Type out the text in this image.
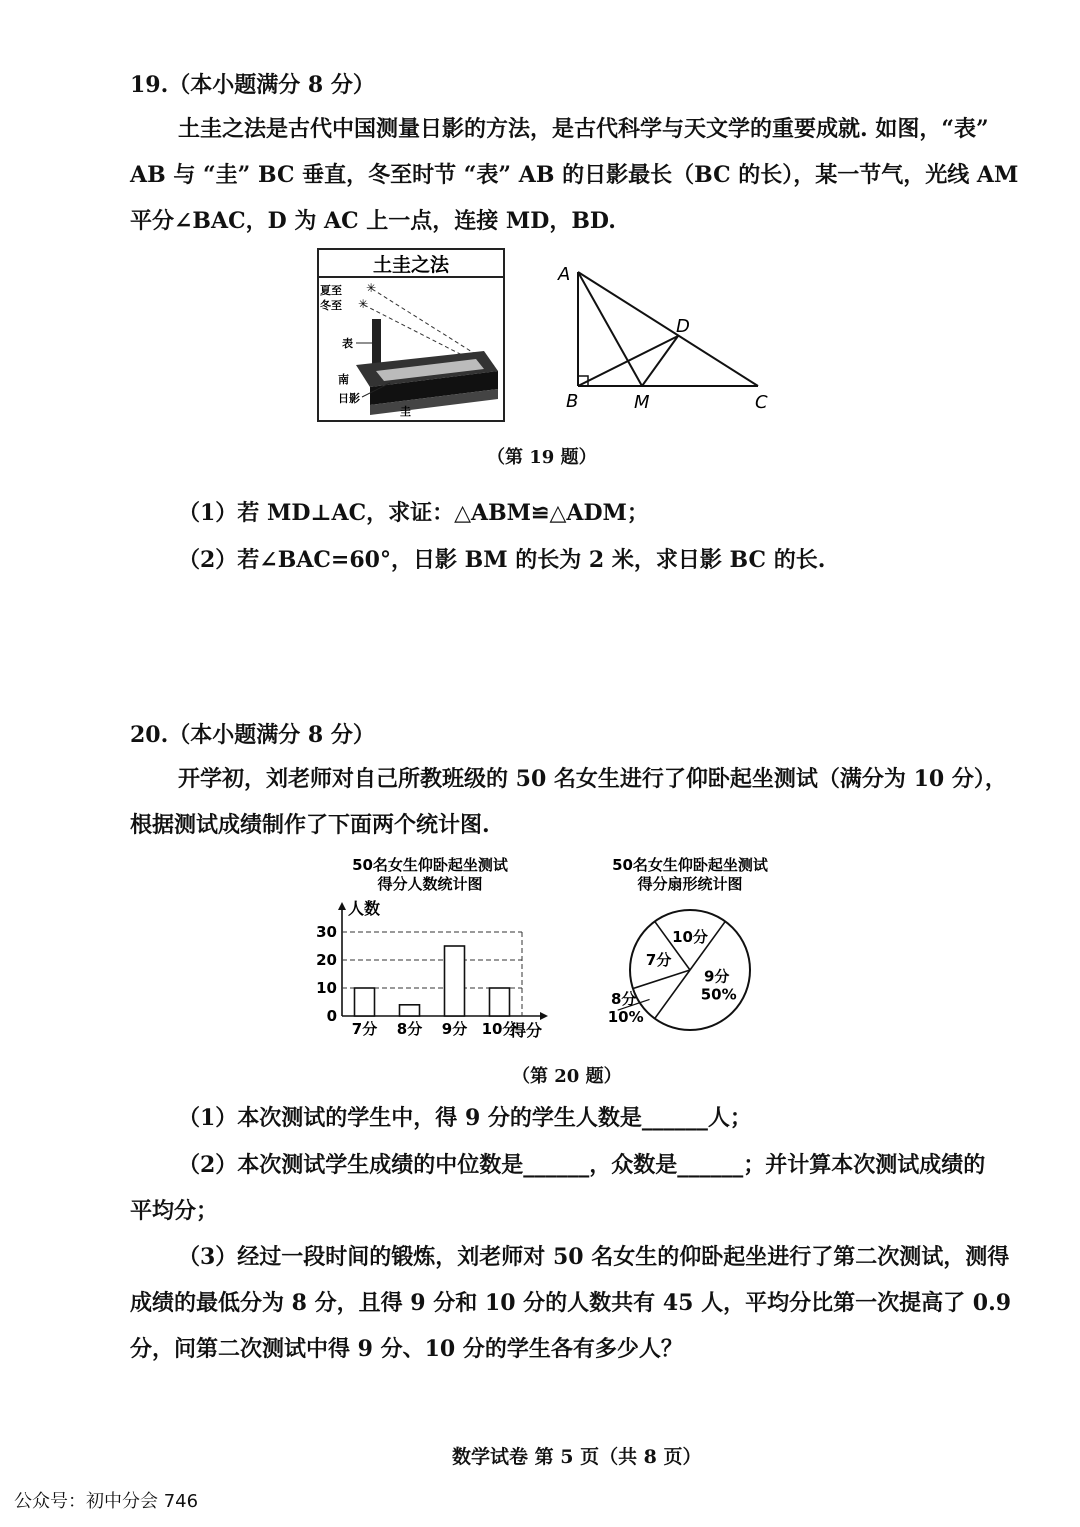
19.（本小题满分 8 分）
土圭之法是古代中国测量日影的方法，是古代科学与天文学的重要成就. 如图，“表”
AB 与 “圭” BC 垂直，冬至时节 “表” AB 的日影最长（BC 的长），某一节气，光线 AM
平分∠BAC，D 为 AC 上一点，连接 MD，BD.
土圭之法
夏至
冬至
✳
✳
表
南
日影
圭
A
B	M	C
D
（第 19 题）
（1）若 MD⊥AC，求证：△ABM≌△ADM；
（2）若∠BAC=60°，日影 BM 的长为 2 米，求日影 BC 的长.
20.（本小题满分 8 分）
开学初，刘老师对自己所教班级的 50 名女生进行了仰卧起坐测试（满分为 10 分），
根据测试成绩制作了下面两个统计图.
50名女生仰卧起坐测试
得分人数统计图
人数
得分
0
10
20
30
7分 8分 9分 10分
50名女生仰卧起坐测试
得分扇形统计图
9分
50%
8分
10%
7分
10分
（第 20 题）
（1）本次测试的学生中，得 9 分的学生人数是______人；
（2）本次测试学生成绩的中位数是______，众数是______；并计算本次测试成绩的
平均分；
（3）经过一段时间的锻炼，刘老师对 50 名女生的仰卧起坐进行了第二次测试，测得
成绩的最低分为 8 分，且得 9 分和 10 分的人数共有 45 人，平均分比第一次提高了 0.9
分，问第二次测试中得 9 分、10 分的学生各有多少人？
数学试卷 第 5 页（共 8 页）
公众号：初中分会 746
